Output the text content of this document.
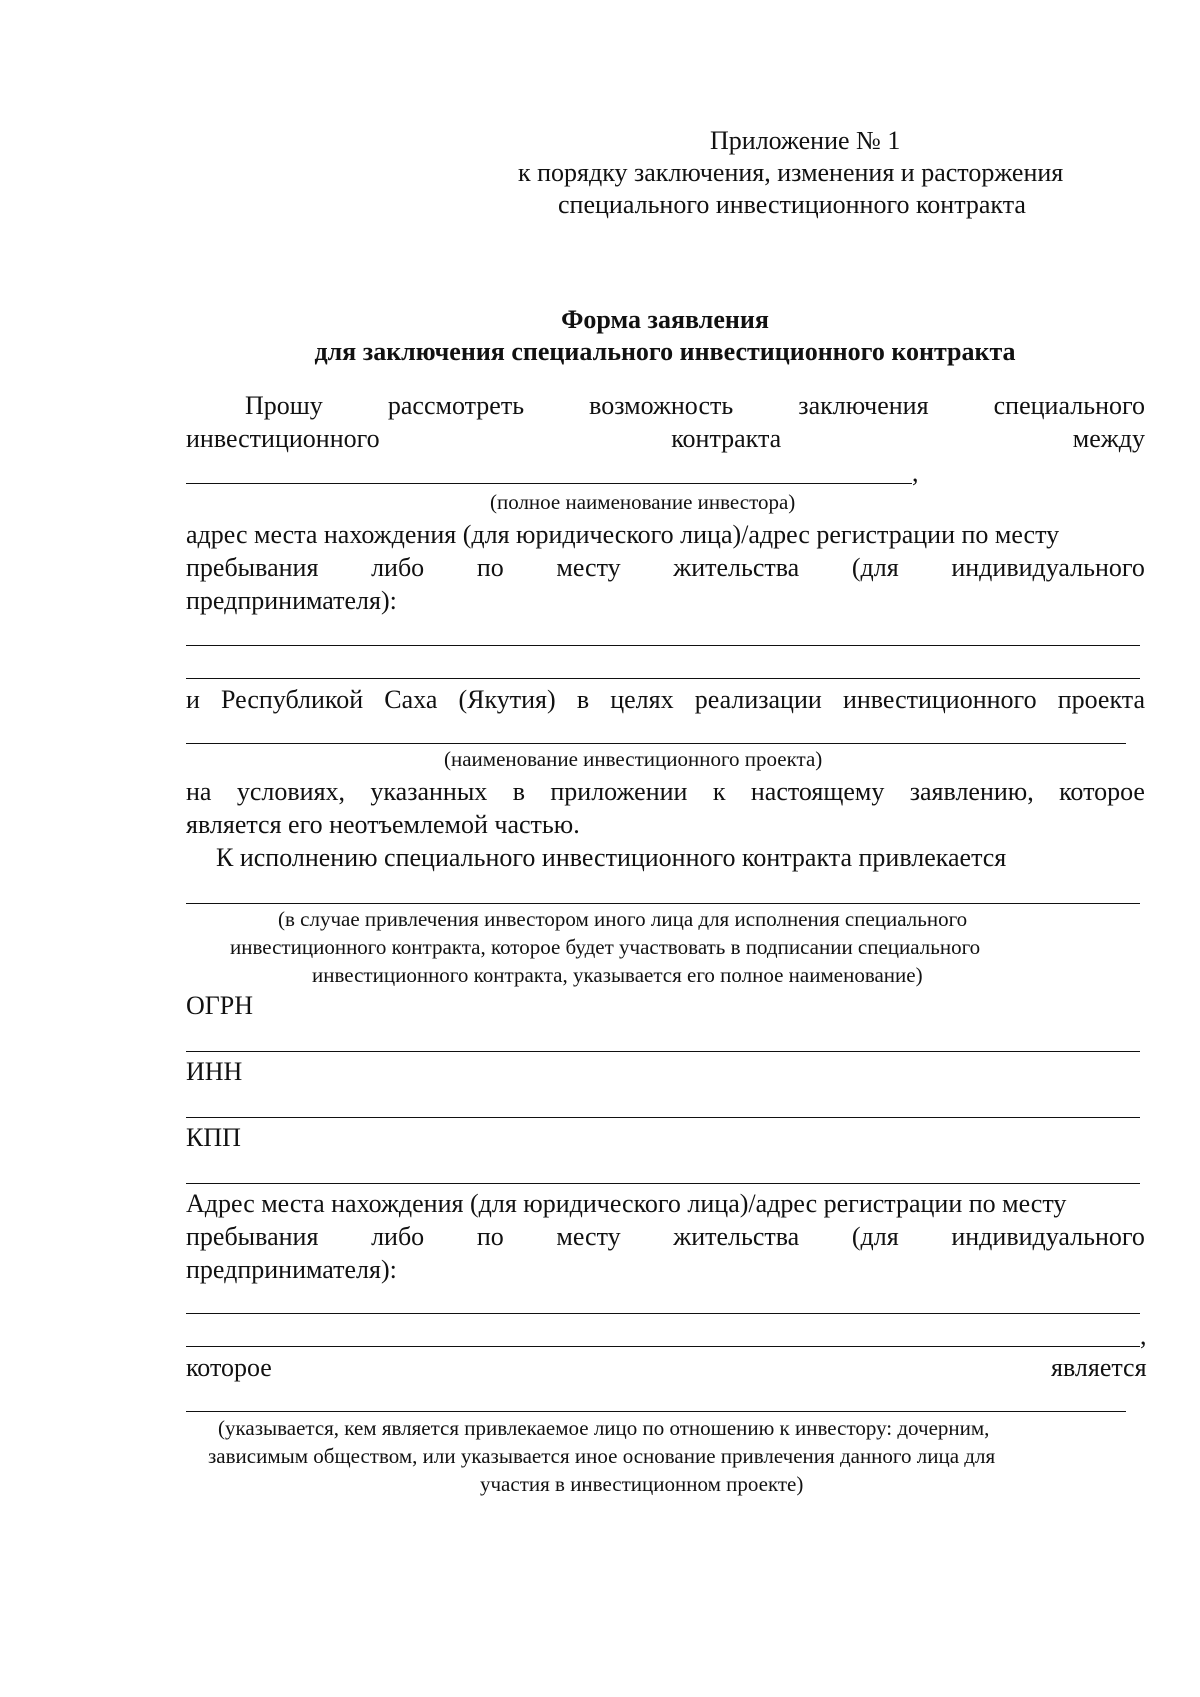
Приложение № 1
к порядку заключения, изменения и расторжения
специального инвестиционного контракта
Форма заявления
для заключения специального инвестиционного контракта
Прошу	рассмотреть	возможность	заключения	специального
инвестиционного	контракта	между
,
(полное наименование инвестора)
адрес места нахождения (для юридического лица)/адрес регистрации по месту
пребывания либо по месту жительства (для индивидуального
предпринимателя):
и Республикой Саха (Якутия) в целях реализации инвестиционного проекта
(наименование инвестиционного проекта)
на условиях, указанных в приложении к настоящему заявлению, которое
является его неотъемлемой частью.
К исполнению специального инвестиционного контракта привлекается
(в случае привлечения инвестором иного лица для исполнения специального
инвестиционного контракта, которое будет участвовать в подписании специального
инвестиционного контракта, указывается его полное наименование)
ОГРН
ИНН
КПП
Адрес места нахождения (для юридического лица)/адрес регистрации по месту
пребывания либо по месту жительства (для индивидуального
предпринимателя):
,
которое	является
(указывается, кем является привлекаемое лицо по отношению к инвестору: дочерним,
зависимым обществом, или указывается иное основание привлечения данного лица для
участия в инвестиционном проекте)
